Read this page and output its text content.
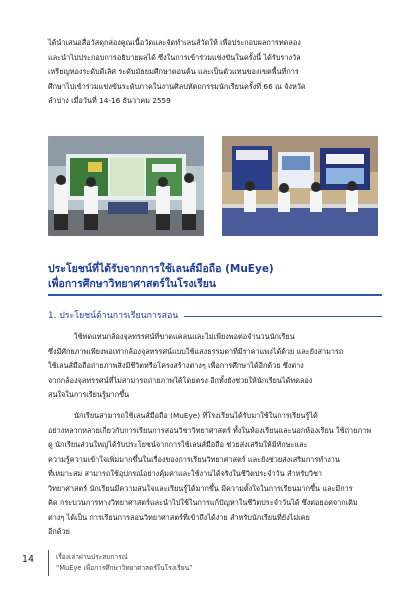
ได้นำเสนอสื่อวัสดุกล่องคูณเนื้อวัดและจัดทำเลนส์วัดให้ เพื่อประกอบผลการทดลอง
และนำไปประกอบการอธิบายผลได้ ซึ่งในการเข้าร่วมแข่งขันในครั้งนี้ ได้รับรางวัล
เหรียญทองระดับดีเลิศ ระดับมัธยมศึกษาตอนต้น และเป็นตัวแทนของเขตพื้นที่การ
ศึกษาไปเข้าร่วมแข่งขันระดับภาคในงานศิลปหัตถกรรมนักเรียนครั้งที่ 66 ณ จังหวัด
ลำปาง เมื่อวันที่ 14-16 ธันวาคม 2559
ประโยชน์ที่ได้รับจากการใช้เลนส์มือถือ (MuEye)
เพื่อการศึกษาวิทยาศาสตร์ในโรงเรียน
1. ประโยชน์ด้านการเรียนการสอน
ใช้ทดแทนกล้องจุลทรรศน์ที่ขาดแคลนและไม่เพียงพอต่อจำนวนนักเรียน
ซึ่งมีศักยภาพเพียงพอเท่ากล้องจุลทรรศน์แบบใช้แสงธรรมดาที่มีราคาแพงได้ด้วย และยังสามารถ
ใช้เลนส์มือถือถ่ายภาพสิ่งมีชีวิตหรือโครงสร้างต่างๆ เพื่อการศึกษาได้อีกด้วย ซึ่งต่าง
จากกล้องจุลทรรศน์ที่ไม่สามารถถ่ายภาพได้โดยตรง อีกทั้งยังช่วยให้นักเรียนได้ทดลอง
สนใจในการเรียนรู้มากขึ้น
นักเรียนสามารถใช้เลนส์มือถือ (MuEye) ที่โรงเรียนได้รับมาใช้ในการเรียนรู้ได้
อย่างหลากหลายเกี่ยวกับการเรียนการสอนวิชาวิทยาศาสตร์ ทั้งในห้องเรียนและนอกห้องเรียน ใช้ถ่ายภาพ
ดู นักเรียนส่วนใหญ่ได้รับประโยชน์จากการใช้เลนส์มือถือ ช่วยส่งเสริมให้มีทักษะและ
ความรู้ความเข้าใจเพิ่มมากขึ้นในเรื่องของการเรียนวิทยาศาสตร์ และยังช่วยส่งเสริมการทำงาน
ที่เหมาะสม สามารถใช้อุปกรณ์อย่างคุ้มค่าและใช้งานได้จริงในชีวิตประจำวัน สำหรับวิชา
วิทยาศาสตร์ นักเรียนมีความสนใจและเรียนรู้ได้มากขึ้น มีความตั้งใจในการเรียนมากขึ้น และมีการ
คิด กระบวนการทางวิทยาศาสตร์และนำไปใช้ในการแก้ปัญหาในชีวิตประจำวันได้ ซึ่งต่อยอดจากเดิม
ต่างๆ ได้เป็น การเรียนการสอนวิทยาศาสตร์ที่เข้าถึงได้ง่าย สำหรับนักเรียนที่ยังไม่เคย
อีกด้วย
14	เรื่องเล่าผ่านประสบการณ์
“MuEye เพื่อการศึกษาวิทยาศาสตร์ในโรงเรียน”
